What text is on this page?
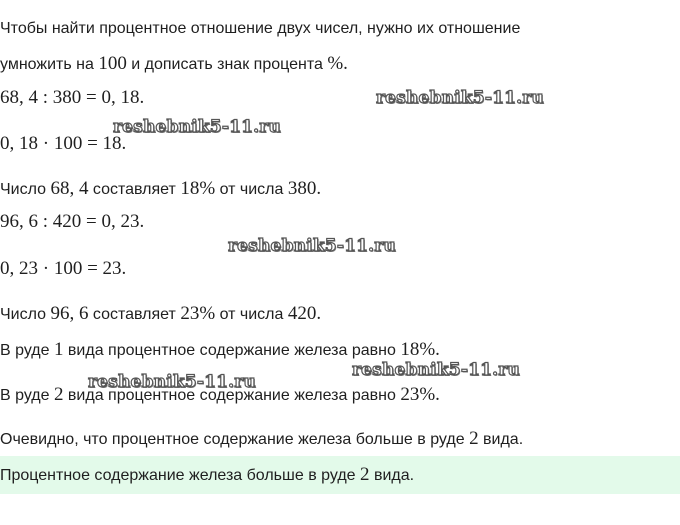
Чтобы найти процентное отношение двух чисел, нужно их отношение
умножить на 100 и дописать знак процента %.
68, 4 : 380 = 0, 18.
0, 18 · 100 = 18.
Число 68, 4 составляет 18% от числа 380.
96, 6 : 420 = 0, 23.
0, 23 · 100 = 23.
Число 96, 6 составляет 23% от числа 420.
В руде 1 вида процентное содержание железа равно 18%.
В руде 2 вида процентное содержание железа равно 23%.
Очевидно, что процентное содержание железа больше в руде 2 вида.
Процентное содержание железа больше в руде 2 вида.
reshebnik5-11.ru
reshebnik5-11.ru
reshebnik5-11.ru
reshebnik5-11.ru
reshebnik5-11.ru
